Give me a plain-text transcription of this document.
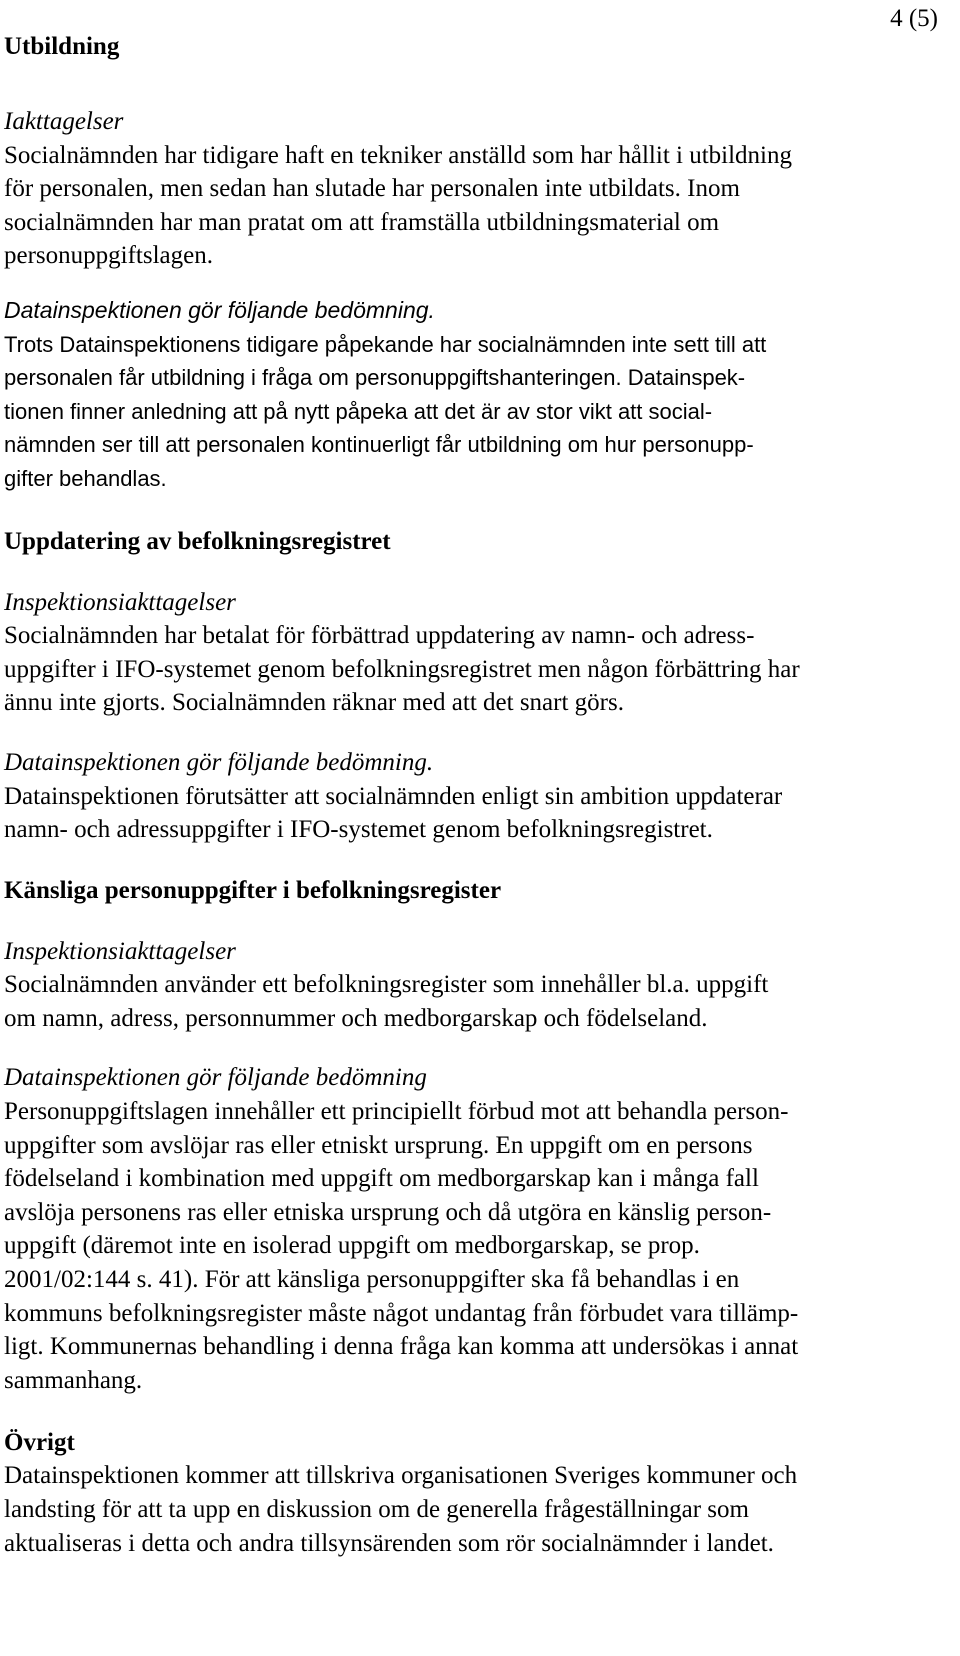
4 (5)
Utbildning
Iakttagelser
Socialnämnden har tidigare haft en tekniker anställd som har hållit i utbildning
för personalen, men sedan han slutade har personalen inte utbildats. Inom
socialnämnden har man pratat om att framställa utbildningsmaterial om
personuppgiftslagen.
Datainspektionen gör följande bedömning.
Trots Datainspektionens tidigare påpekande har socialnämnden inte sett till att
personalen får utbildning i fråga om personuppgiftshanteringen. Datainspek-
tionen finner anledning att på nytt påpeka att det är av stor vikt att social-
nämnden ser till att personalen kontinuerligt får utbildning om hur personupp-
gifter behandlas.
Uppdatering av befolkningsregistret
Inspektionsiakttagelser
Socialnämnden har betalat för förbättrad uppdatering av namn- och adress-
uppgifter i IFO-systemet genom befolkningsregistret men någon förbättring har
ännu inte gjorts. Socialnämnden räknar med att det snart görs.
Datainspektionen gör följande bedömning.
Datainspektionen förutsätter att socialnämnden enligt sin ambition uppdaterar
namn- och adressuppgifter i IFO-systemet genom befolkningsregistret.
Känsliga personuppgifter i befolkningsregister
Inspektionsiakttagelser
Socialnämnden använder ett befolkningsregister som innehåller bl.a. uppgift
om namn, adress, personnummer och medborgarskap och födelseland.
Datainspektionen gör följande bedömning
Personuppgiftslagen innehåller ett principiellt förbud mot att behandla person-
uppgifter som avslöjar ras eller etniskt ursprung. En uppgift om en persons
födelseland i kombination med uppgift om medborgarskap kan i många fall
avslöja personens ras eller etniska ursprung och då utgöra en känslig person-
uppgift (däremot inte en isolerad uppgift om medborgarskap, se prop.
2001/02:144 s. 41). För att känsliga personuppgifter ska få behandlas i en
kommuns befolkningsregister måste något undantag från förbudet vara tillämp-
ligt. Kommunernas behandling i denna fråga kan komma att undersökas i annat
sammanhang.
Övrigt
Datainspektionen kommer att tillskriva organisationen Sveriges kommuner och
landsting för att ta upp en diskussion om de generella frågeställningar som
aktualiseras i detta och andra tillsynsärenden som rör socialnämnder i landet.
